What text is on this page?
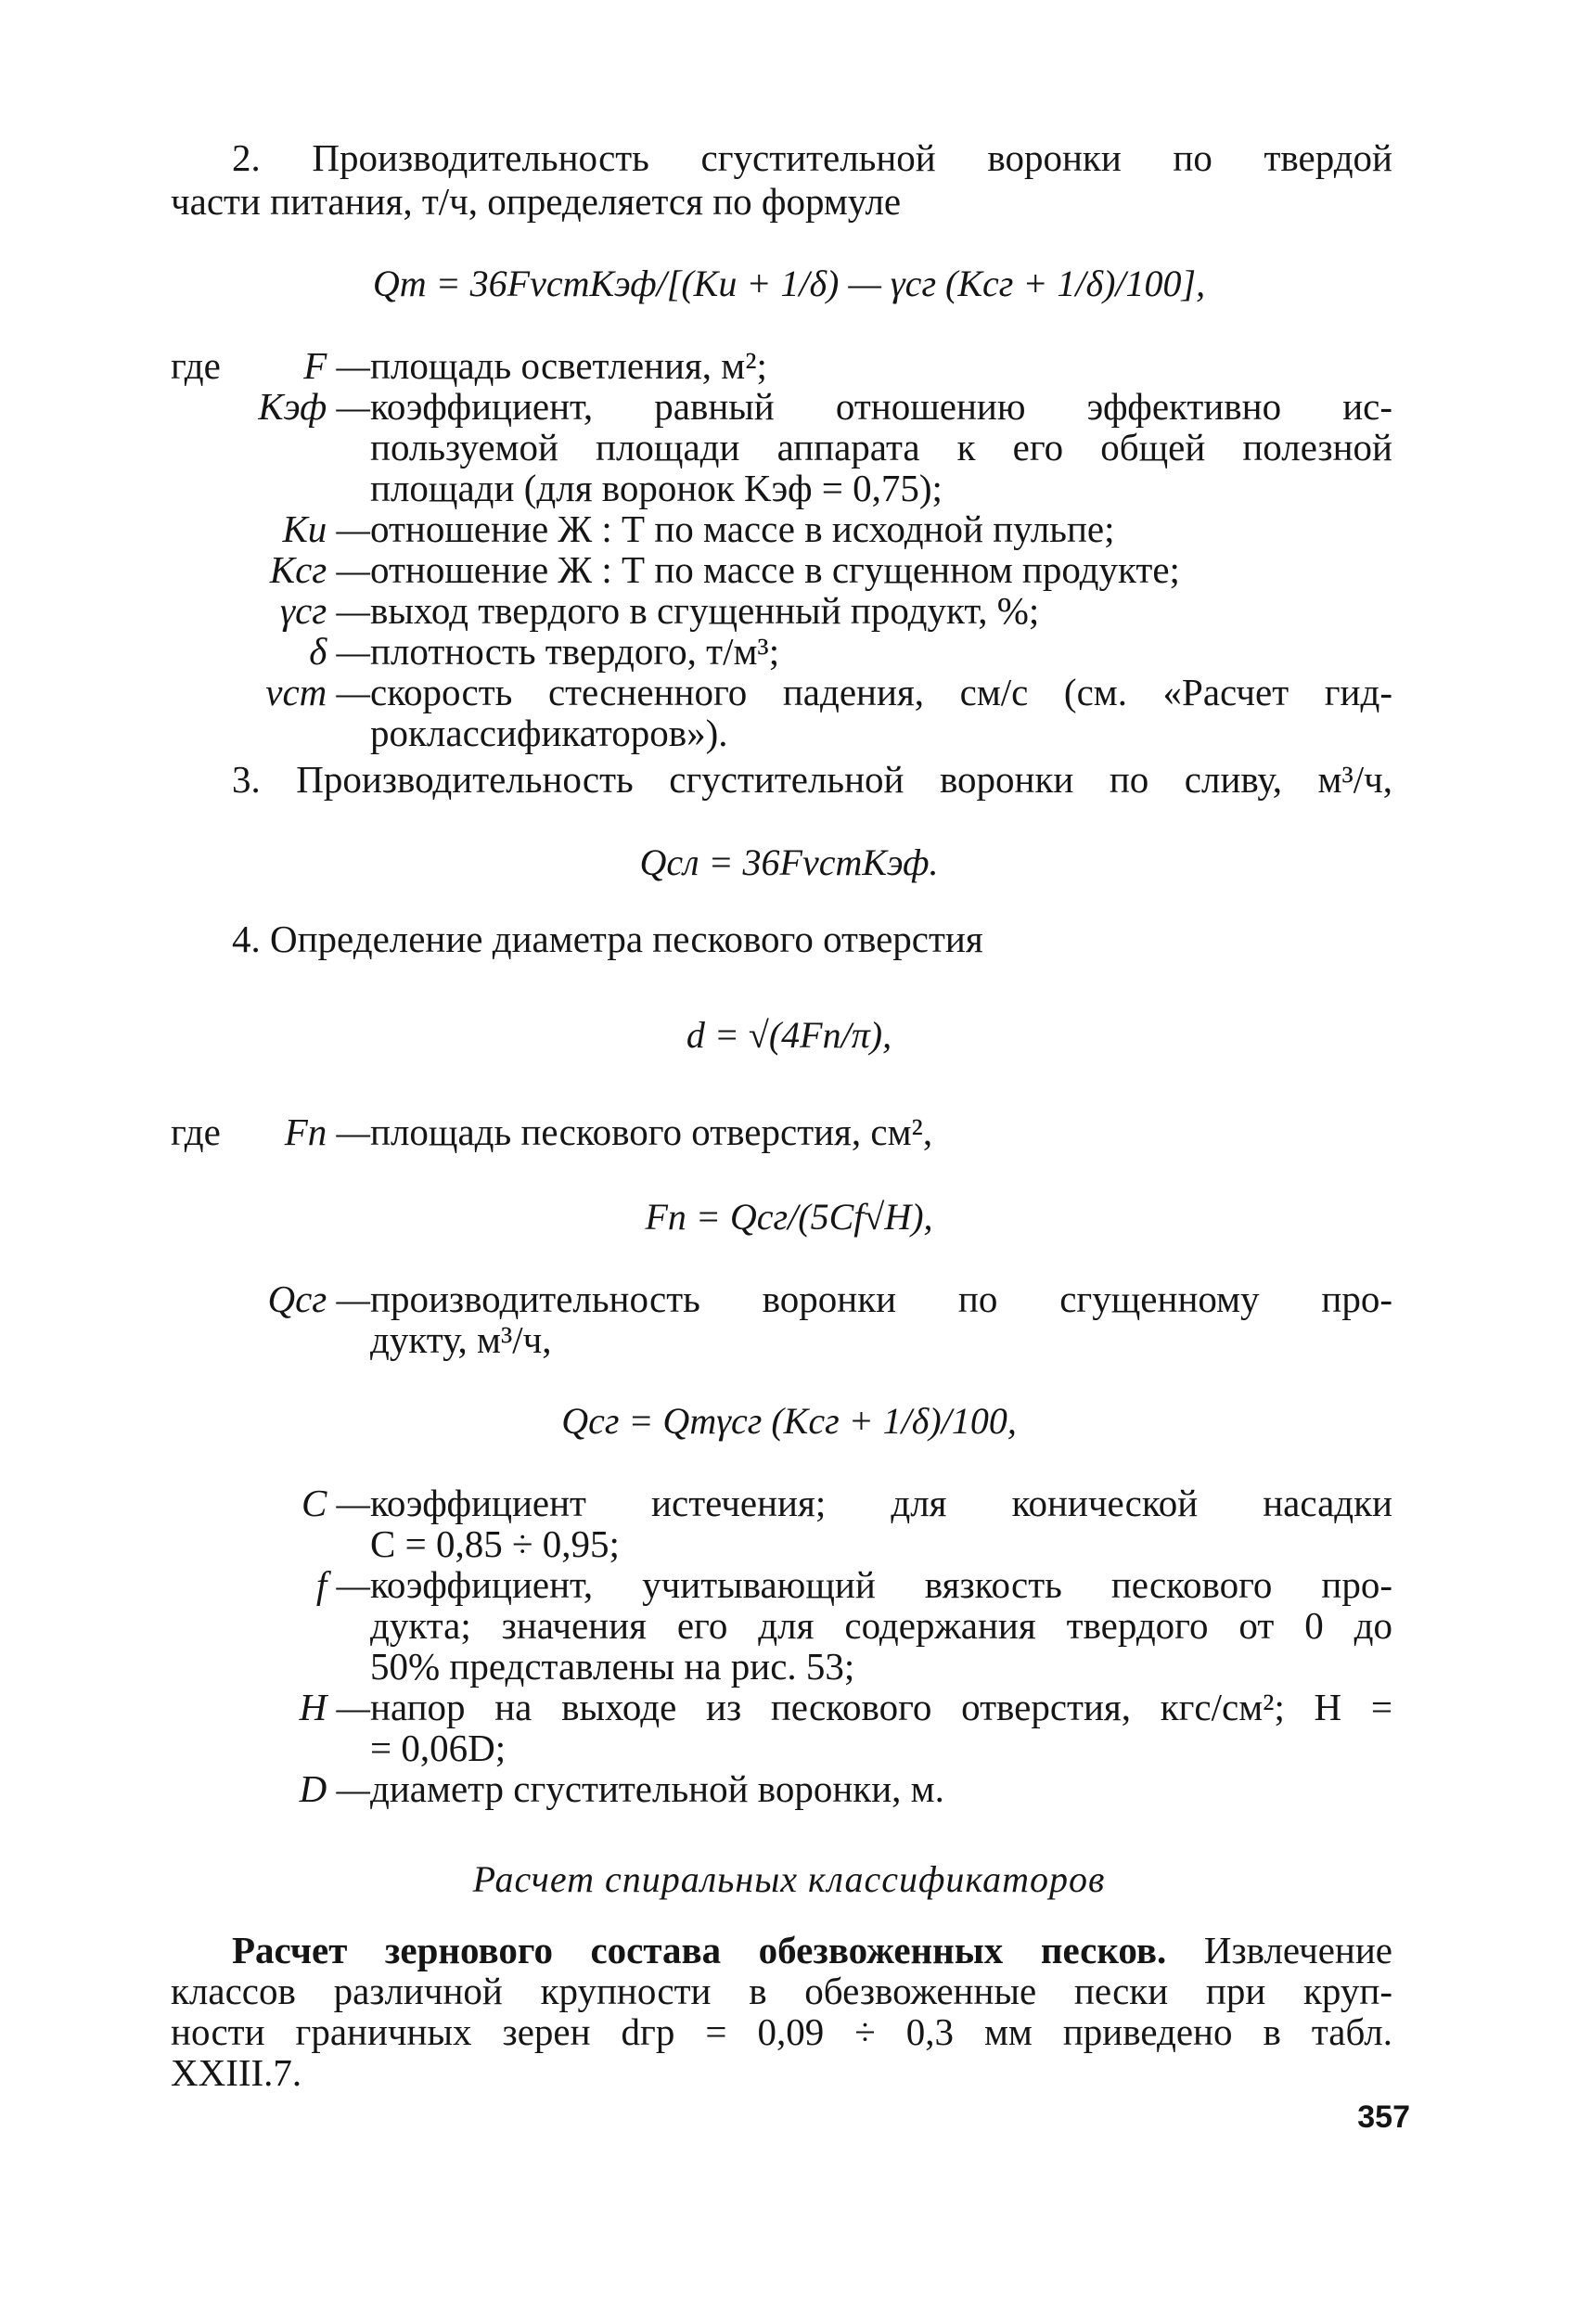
2. Производительность сгустительной воронки по твердой
части питания, т/ч, определяется по формуле
Qт = 36FvстKэф/[(Kи + 1/δ) — γсг (Kсг + 1/δ)/100],
где	F — площадь осветления, м²;
Kэф — коэффициент, равный отношению эффективно ис-
пользуемой площади аппарата к его общей полезной
площади (для воронок Kэф = 0,75);
Kи — отношение Ж : Т по массе в исходной пульпе;
Kсг — отношение Ж : Т по массе в сгущенном продукте;
γсг — выход твердого в сгущенный продукт, %;
δ — плотность твердого, т/м³;
vст — скорость стесненного падения, см/с (см. «Расчет гид-
роклассификаторов»).
3. Производительность сгустительной воронки по сливу, м³/ч,
Qсл = 36FvстKэф.
4. Определение диаметра пескового отверстия
d = √(4Fп/π),
где	Fп — площадь пескового отверстия, см²,
Fп = Qсг/(5Cf√H),
Qсг — производительность воронки по сгущенному про-
дукту, м³/ч,
Qсг = Qтγсг (Kсг + 1/δ)/100,
C — коэффициент истечения; для конической насадки
C = 0,85 ÷ 0,95;
f — коэффициент, учитывающий вязкость пескового про-
дукта; значения его для содержания твердого от 0 до
50% представлены на рис. 53;
H — напор на выходе из пескового отверстия, кгс/см²; H =
= 0,06D;
D — диаметр сгустительной воронки, м.
Расчет спиральных классификаторов
Расчет зернового состава обезвоженных песков. Извлечение
классов различной крупности в обезвоженные пески при круп-
ности граничных зерен dгр = 0,09 ÷ 0,3 мм приведено в табл.
XXIII.7.
357
